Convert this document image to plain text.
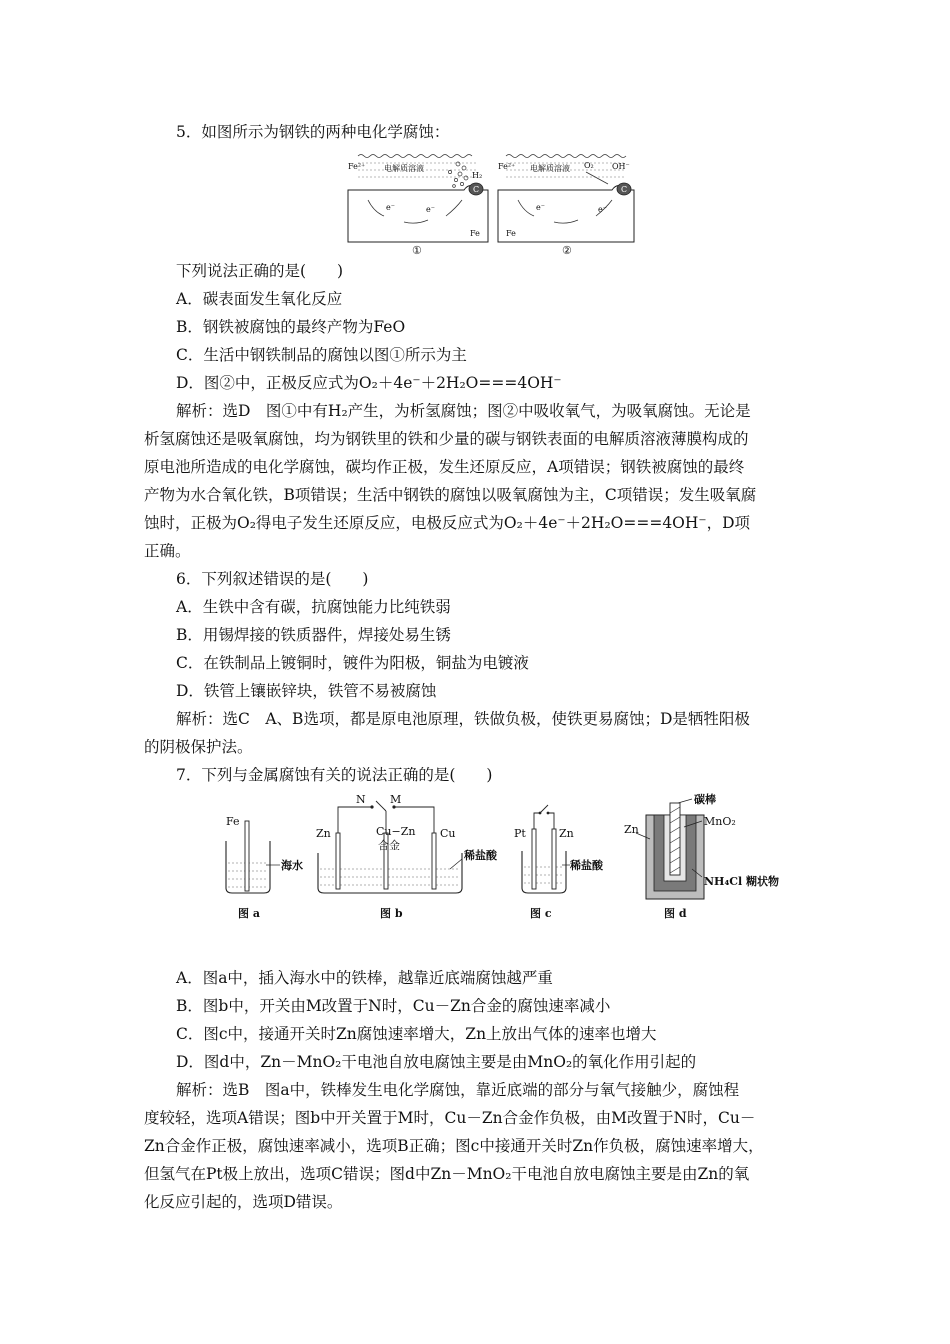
5．如图所示为钢铁的两种电化学腐蚀：
Fe²⁺ 电解质溶液
H₂
C
e⁻	e⁻
Fe
①
Fe²⁺ 电解质溶液 O₂ OH⁻
C
e⁻	e⁻
Fe
②
下列说法正确的是(　　)
A．碳表面发生氧化反应
B．钢铁被腐蚀的最终产物为FeO
C．生活中钢铁制品的腐蚀以图①所示为主
D．图②中，正极反应式为O₂＋4e⁻＋2H₂O===4OH⁻
解析：选D　图①中有H₂产生，为析氢腐蚀；图②中吸收氧气，为吸氧腐蚀。无论是
析氢腐蚀还是吸氧腐蚀，均为钢铁里的铁和少量的碳与钢铁表面的电解质溶液薄膜构成的
原电池所造成的电化学腐蚀，碳均作正极，发生还原反应，A项错误；钢铁被腐蚀的最终
产物为水合氧化铁，B项错误；生活中钢铁的腐蚀以吸氧腐蚀为主，C项错误；发生吸氧腐
蚀时，正极为O₂得电子发生还原反应，电极反应式为O₂＋4e⁻＋2H₂O===4OH⁻，D项
正确。
6．下列叙述错误的是(　　)
A．生铁中含有碳，抗腐蚀能力比纯铁弱
B．用锡焊接的铁质器件，焊接处易生锈
C．在铁制品上镀铜时，镀件为阳极，铜盐为电镀液
D．铁管上镶嵌锌块，铁管不易被腐蚀
解析：选C　A、B选项，都是原电池原理，铁做负极，使铁更易腐蚀；D是牺牲阳极
的阴极保护法。
7．下列与金属腐蚀有关的说法正确的是(　　)
Fe
海水
图 a
N M
Zn	Cu−Zn
合金
Cu
稀盐酸
图 b
Pt	Zn
稀盐酸
图 c
碳棒
MnO₂
Zn
NH₄Cl 糊状物
图 d
A．图a中，插入海水中的铁棒，越靠近底端腐蚀越严重
B．图b中，开关由M改置于N时，Cu－Zn合金的腐蚀速率减小
C．图c中，接通开关时Zn腐蚀速率增大，Zn上放出气体的速率也增大
D．图d中，Zn－MnO₂干电池自放电腐蚀主要是由MnO₂的氧化作用引起的
解析：选B　图a中，铁棒发生电化学腐蚀，靠近底端的部分与氧气接触少，腐蚀程
度较轻，选项A错误；图b中开关置于M时，Cu－Zn合金作负极，由M改置于N时，Cu－
Zn合金作正极，腐蚀速率减小，选项B正确；图c中接通开关时Zn作负极，腐蚀速率增大，
但氢气在Pt极上放出，选项C错误；图d中Zn－MnO₂干电池自放电腐蚀主要是由Zn的氧
化反应引起的，选项D错误。
